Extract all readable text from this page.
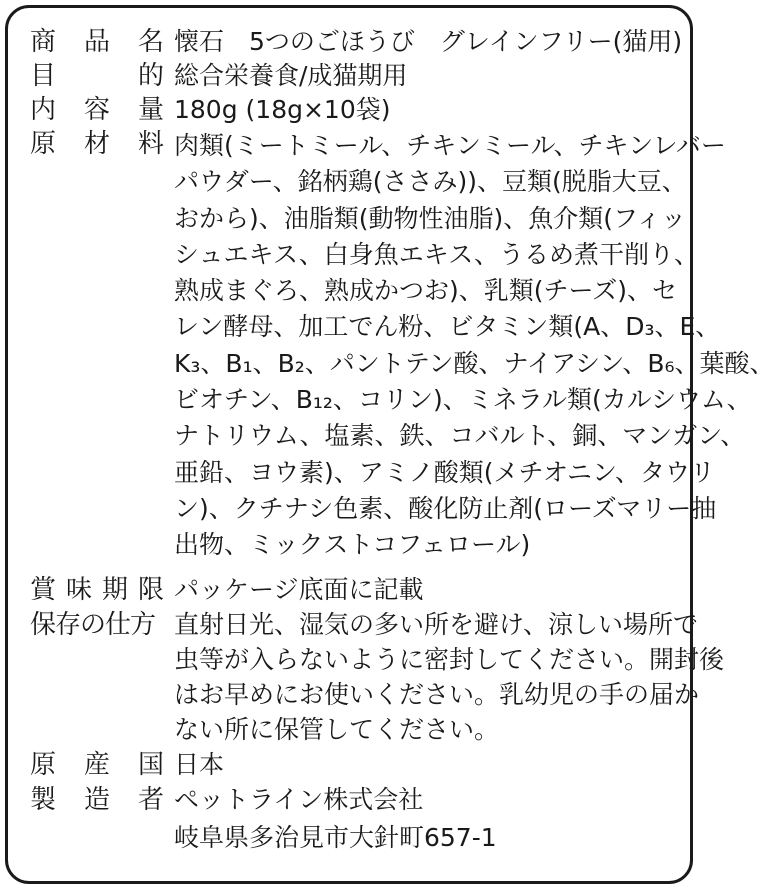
商 品 名 懐石　5つのごほうび　グレインフリー(猫用)
目	的 総合栄養食/成猫期用
内 容 量 180g (18g×10袋)
原 材 料 肉類(ミートミール、チキンミール、チキンレバー
パウダー、銘柄鶏(ささみ))、豆類(脱脂大豆、
おから)、油脂類(動物性油脂)、魚介類(フィッ
シュエキス、白身魚エキス、うるめ煮干削り、
熟成まぐろ、熟成かつお)、乳類(チーズ)、セ
レン酵母、加工でん粉、ビタミン類(A、D₃、E、
K₃、B₁、B₂、パントテン酸、ナイアシン、B₆、葉酸、
ビオチン、B₁₂、コリン)、ミネラル類(カルシウム、
ナトリウム、塩素、鉄、コバルト、銅、マンガン、
亜鉛、ヨウ素)、アミノ酸類(メチオニン、タウリ
ン)、クチナシ色素、酸化防止剤(ローズマリー抽
出物、ミックストコフェロール)
賞 味 期 限 パッケージ底面に記載
保存の仕方 直射日光、湿気の多い所を避け、涼しい場所で
虫等が入らないように密封してください。開封後
はお早めにお使いください。乳幼児の手の届か
ない所に保管してください。
原 産 国 日本
製 造 者 ペットライン株式会社
岐阜県多治見市大針町657-1
